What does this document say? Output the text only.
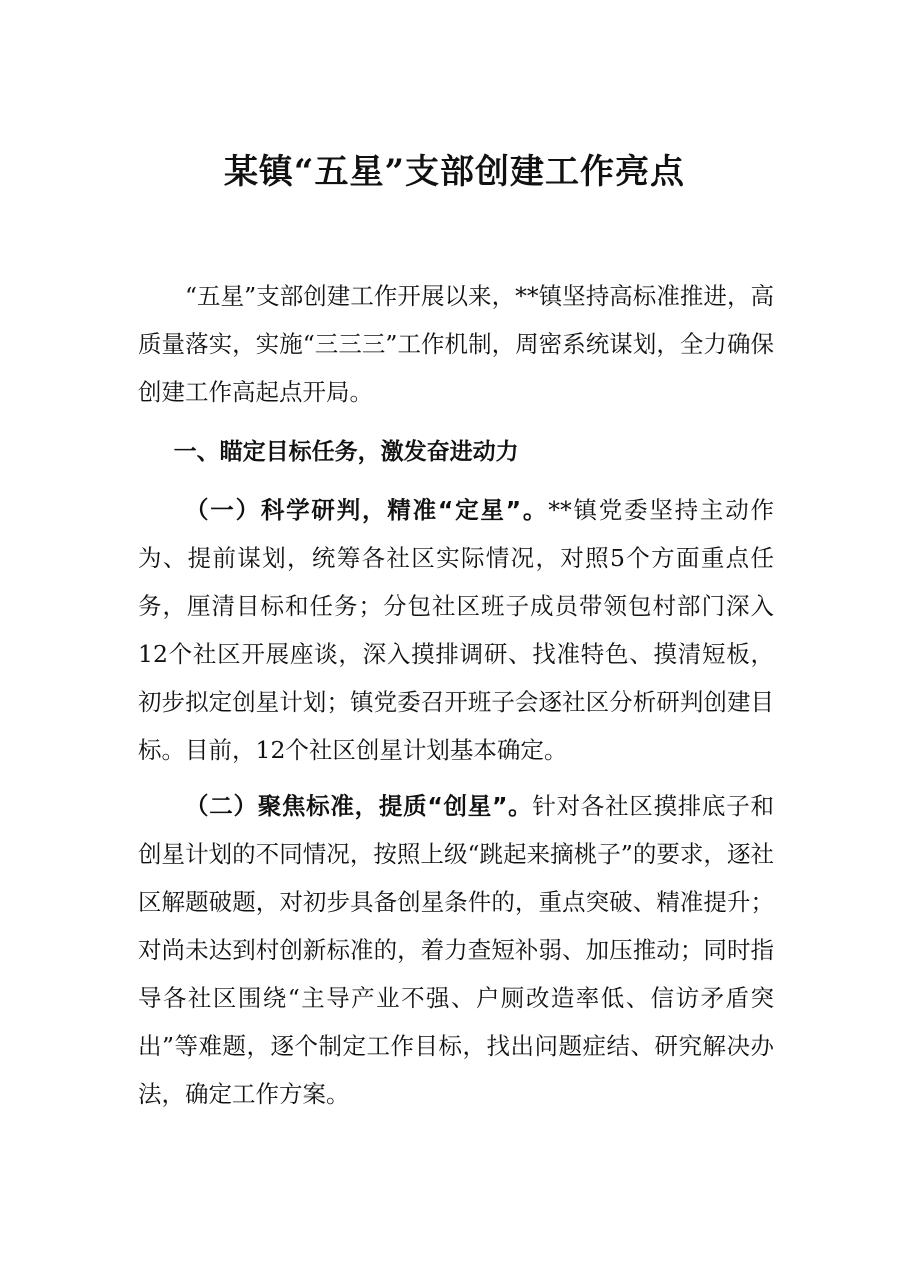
某镇“五星”支部创建工作亮点

“五星”支部创建工作开展以来，**镇坚持高标准推进，高质量落实，实施“三三三”工作机制，周密系统谋划，全力确保创建工作高起点开局。

一、瞄定目标任务，激发奋进动力

（一）科学研判，精准“定星”。**镇党委坚持主动作为、提前谋划，统筹各社区实际情况，对照5个方面重点任务，厘清目标和任务；分包社区班子成员带领包村部门深入12个社区开展座谈，深入摸排调研、找准特色、摸清短板，初步拟定创星计划；镇党委召开班子会逐社区分析研判创建目标。目前，12个社区创星计划基本确定。

（二）聚焦标准，提质“创星”。针对各社区摸排底子和创星计划的不同情况，按照上级“跳起来摘桃子”的要求，逐社区解题破题，对初步具备创星条件的，重点突破、精准提升；对尚未达到村创新标准的，着力查短补弱、加压推动；同时指导各社区围绕“主导产业不强、户厕改造率低、信访矛盾突出”等难题，逐个制定工作目标，找出问题症结、研究解决办法，确定工作方案。
